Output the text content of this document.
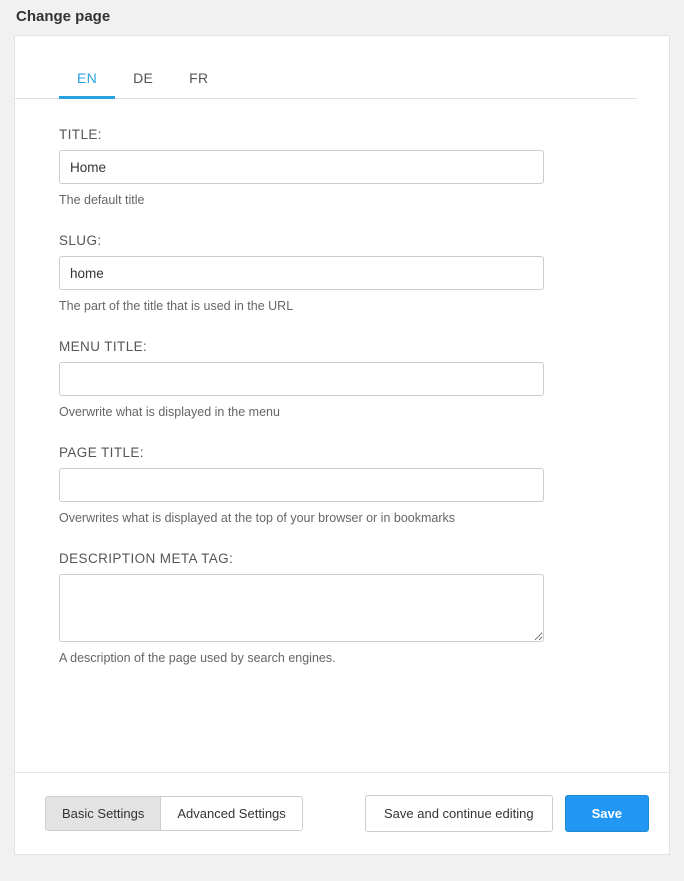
Change page
EN	DE	FR
TITLE:
Home
The default title
SLUG:
home
The part of the title that is used in the URL
MENU TITLE:
Overwrite what is displayed in the menu
PAGE TITLE:
Overwrites what is displayed at the top of your browser or in bookmarks
DESCRIPTION META TAG:
A description of the page used by search engines.
Basic Settings	Advanced Settings	Save and continue editing	Save
